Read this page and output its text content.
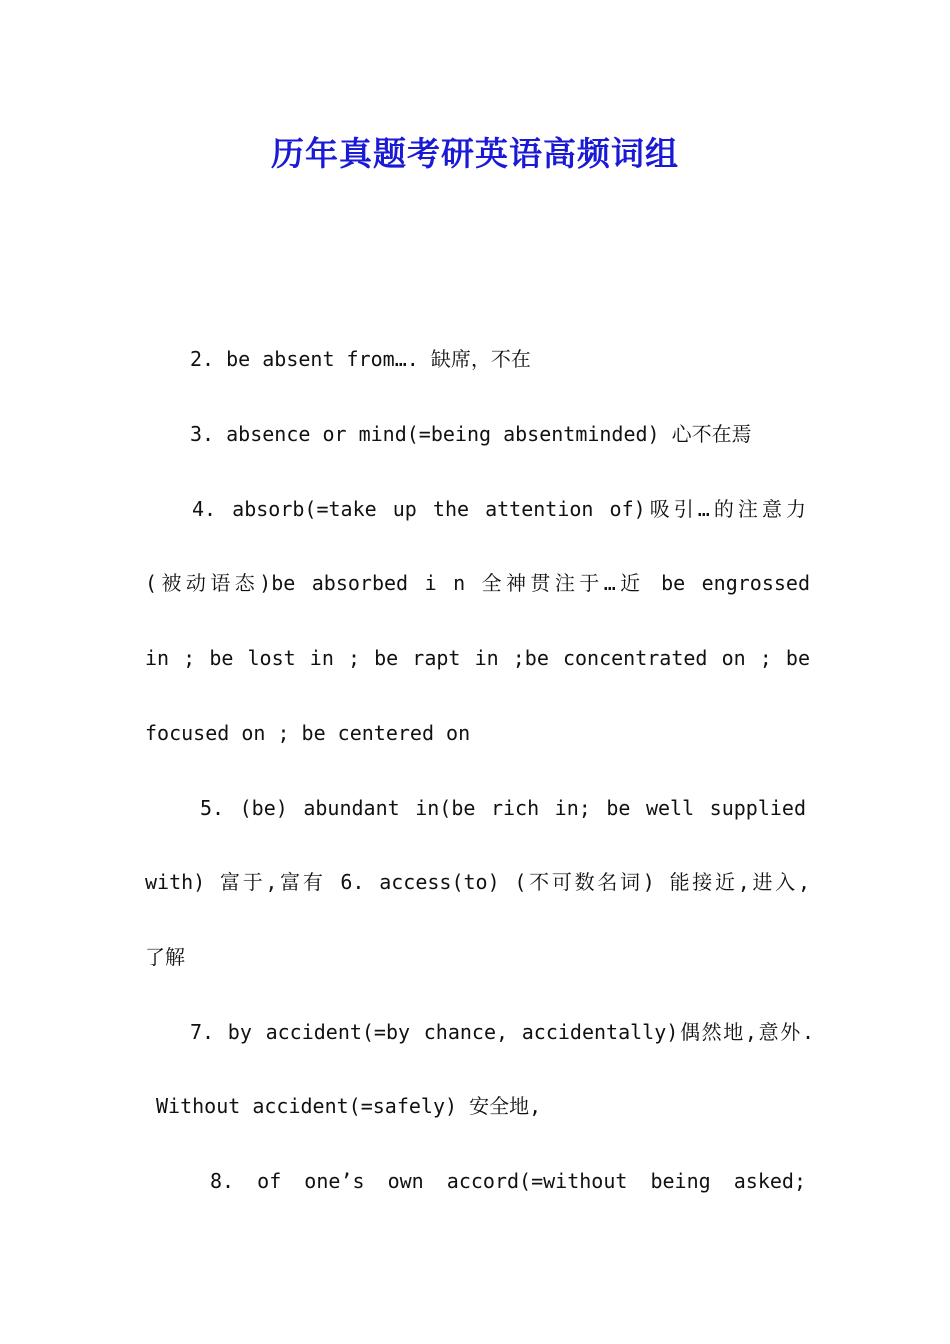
历年真题考研英语高频词组

2. be absent from…. 缺席，不在

3. absence or mind(=being absentminded) 心不在焉

4. absorb(=take up the attention of)吸引…的注意力

(被动语态)be absorbed i n 全神贯注于…近 be engrossed

in ; be lost in ; be rapt in ;be concentrated on ; be

focused on ; be centered on

5. (be) abundant in(be rich in; be well supplied

with) 富于,富有 6. access(to) (不可数名词) 能接近,进入,

了解

7. by accident(=by chance, accidentally)偶然地,意外.

Without accident(=safely) 安全地,

8. of one’s own accord(=without being asked;
